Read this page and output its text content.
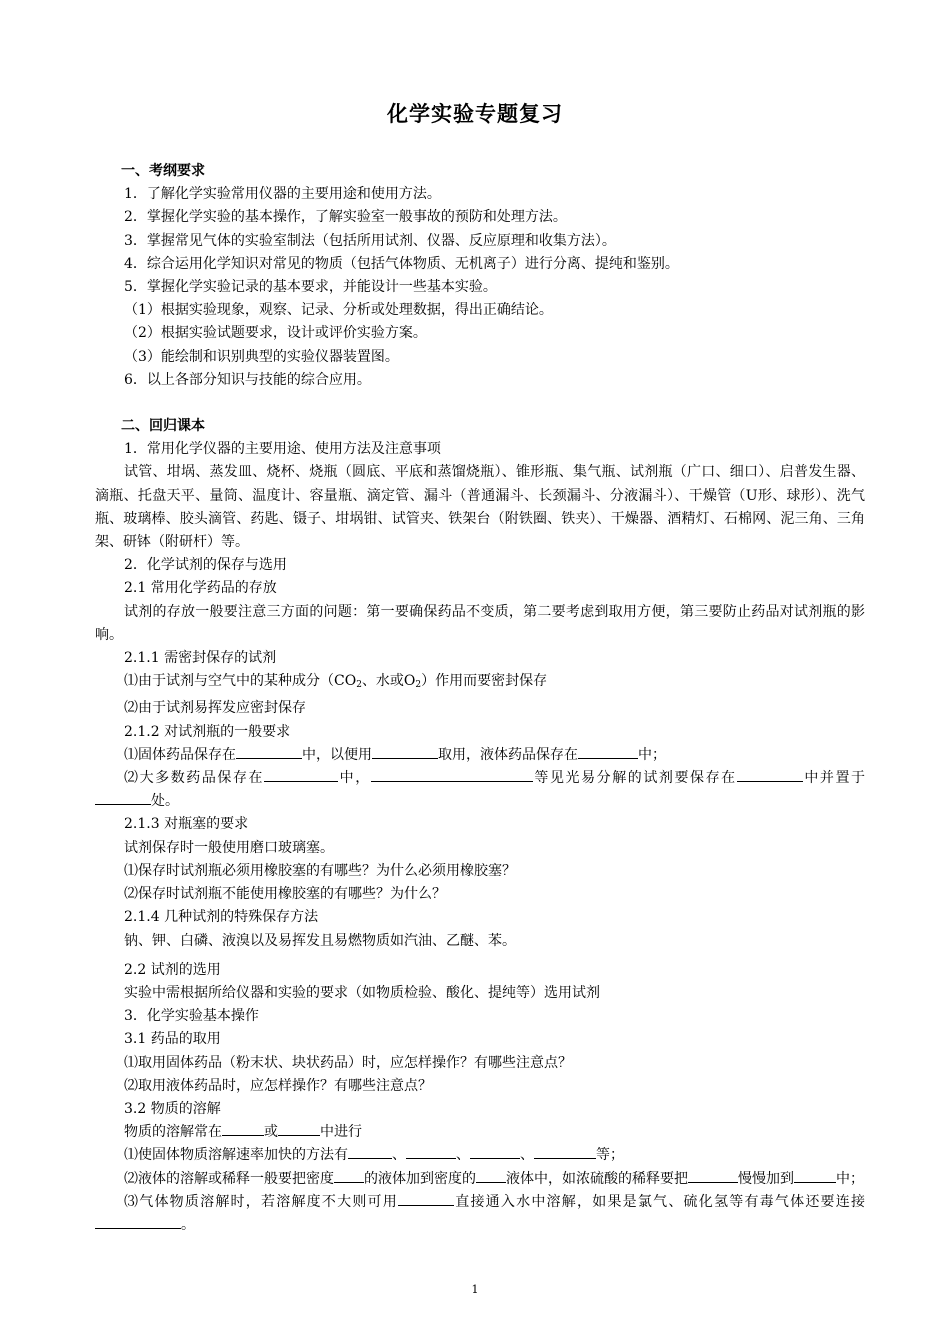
化学实验专题复习

一、考纲要求

1．了解化学实验常用仪器的主要用途和使用方法。

2．掌握化学实验的基本操作，了解实验室一般事故的预防和处理方法。

3．掌握常见气体的实验室制法（包括所用试剂、仪器、反应原理和收集方法）。

4．综合运用化学知识对常见的物质（包括气体物质、无机离子）进行分离、提纯和鉴别。

5．掌握化学实验记录的基本要求，并能设计一些基本实验。

（1）根据实验现象，观察、记录、分析或处理数据，得出正确结论。

（2）根据实验试题要求，设计或评价实验方案。

（3）能绘制和识别典型的实验仪器装置图。

6．以上各部分知识与技能的综合应用。

二、回归课本

1．常用化学仪器的主要用途、使用方法及注意事项

试管、坩埚、蒸发皿、烧杯、烧瓶（圆底、平底和蒸馏烧瓶）、锥形瓶、集气瓶、试剂瓶（广口、细口）、启普发生器、滴瓶、托盘天平、量筒、温度计、容量瓶、滴定管、漏斗（普通漏斗、长颈漏斗、分液漏斗）、干燥管（U形、球形）、洗气瓶、玻璃棒、胶头滴管、药匙、镊子、坩埚钳、试管夹、铁架台（附铁圈、铁夹）、干燥器、酒精灯、石棉网、泥三角、三角架、研钵（附研杆）等。

2．化学试剂的保存与选用

2.1 常用化学药品的存放

试剂的存放一般要注意三方面的问题：第一要确保药品不变质，第二要考虑到取用方便，第三要防止药品对试剂瓶的影响。

2.1.1 需密封保存的试剂

⑴由于试剂与空气中的某种成分（$CO_2$、水或$O_2$）作用而要密封保存

⑵由于试剂易挥发应密封保存

2.1.2 对试剂瓶的一般要求

⑴固体药品保存在	中，以便用	取用，液体药品保存在	中；

⑵大多数药品保存在	中，	等见光易分解的试剂要保存在	中并置于处。

2.1.3 对瓶塞的要求

试剂保存时一般使用磨口玻璃塞。

⑴保存时试剂瓶必须用橡胶塞的有哪些？为什么必须用橡胶塞？

⑵保存时试剂瓶不能使用橡胶塞的有哪些？为什么？

2.1.4 几种试剂的特殊保存方法

钠、钾、白磷、液溴以及易挥发且易燃物质如汽油、乙醚、苯。

2.2 试剂的选用

实验中需根据所给仪器和实验的要求（如物质检验、酸化、提纯等）选用试剂

3．化学实验基本操作

3.1 药品的取用

⑴取用固体药品（粉末状、块状药品）时，应怎样操作？有哪些注意点？

⑵取用液体药品时，应怎样操作？有哪些注意点？

3.2 物质的溶解

物质的溶解常在	或	中进行

⑴使固体物质溶解速率加快的方法有	、	、	、	等；

⑵液体的溶解或稀释一般要把密度 的液体加到密度的 液体中，如浓硫酸的稀释要把	慢慢加到	中；

⑶气体物质溶解时，若溶解度不大则可用	直接通入水中溶解，如果是氯气、硫化氢等有毒气体还要连接。

1
